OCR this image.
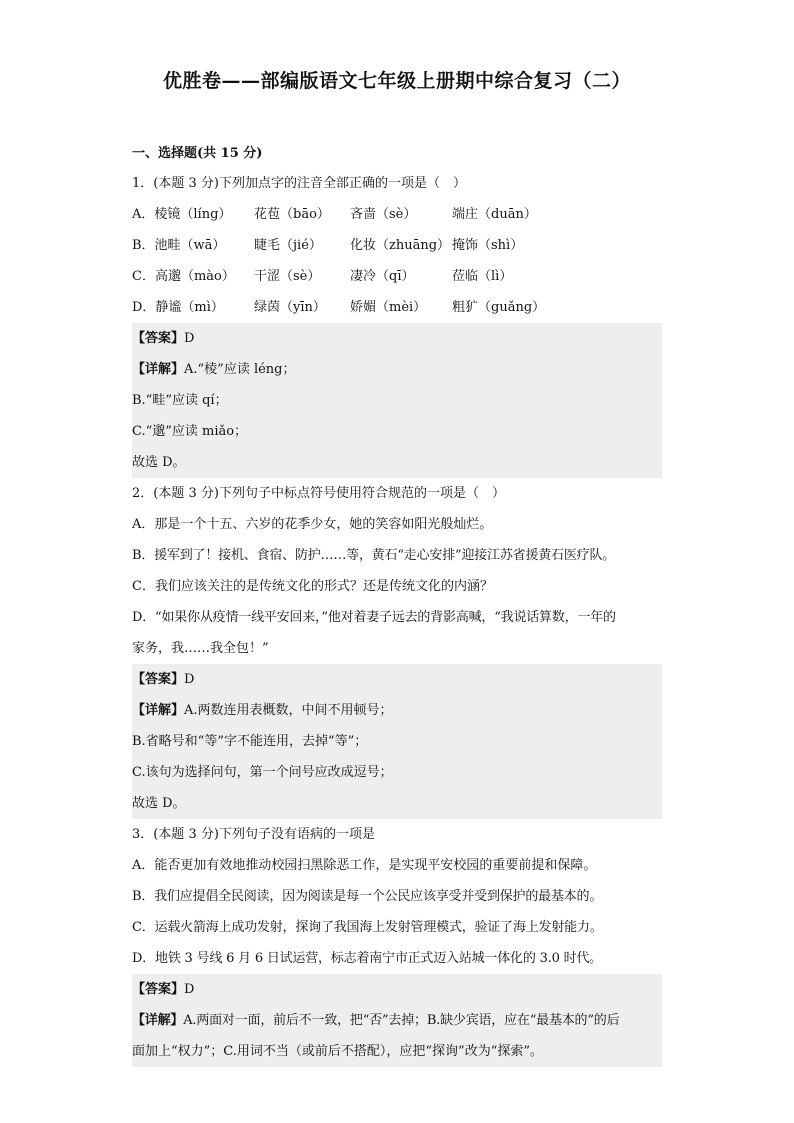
优胜卷——部编版语文七年级上册期中综合复习（二）
一、选择题(共 15 分)
1．(本题 3 分)下列加点字的注音全部正确的一项是（　）
A．棱镜（líng） 花苞（bāo） 吝啬（sè）	端庄（duān）
B．池畦（wā） 睫毛（jié） 化妆（zhuāng） 掩饰（shì）
C．高邈（mào） 干涩（sè） 凄冷（qī）	莅临（lì）
D．静谧（mì） 绿茵（yīn） 娇媚（mèi） 粗犷（guǎng）
【答案】D
【详解】A.“棱”应读 léng；
B.“畦”应读 qí；
C.“邈”应读 miǎo；
故选 D。
2．(本题 3 分)下列句子中标点符号使用符合规范的一项是（　）
A．那是一个十五、六岁的花季少女，她的笑容如阳光般灿烂。
B．援军到了！接机、食宿、防护……等，黄石“走心安排”迎接江苏省援黄石医疗队。
C．我们应该关注的是传统文化的形式？还是传统文化的内涵？
D．“如果你从疫情一线平安回来，”他对着妻子远去的背影高喊，“我说话算数，一年的
家务，我……我全包！”
【答案】D
【详解】A.两数连用表概数，中间不用顿号；
B.省略号和“等”字不能连用，去掉“等”；
C.该句为选择问句，第一个问号应改成逗号；
故选 D。
3．(本题 3 分)下列句子没有语病的一项是
A．能否更加有效地推动校园扫黑除恶工作，是实现平安校园的重要前提和保障。
B．我们应提倡全民阅读，因为阅读是每一个公民应该享受并受到保护的最基本的。
C．运载火箭海上成功发射，探询了我国海上发射管理模式，验证了海上发射能力。
D．地铁 3 号线 6 月 6 日试运营，标志着南宁市正式迈入站城一体化的 3.0 时代。
【答案】D
【详解】A.两面对一面，前后不一致，把“否”去掉；B.缺少宾语，应在“最基本的”的后
面加上“权力”；C.用词不当（或前后不搭配），应把“探询”改为“探索”。
